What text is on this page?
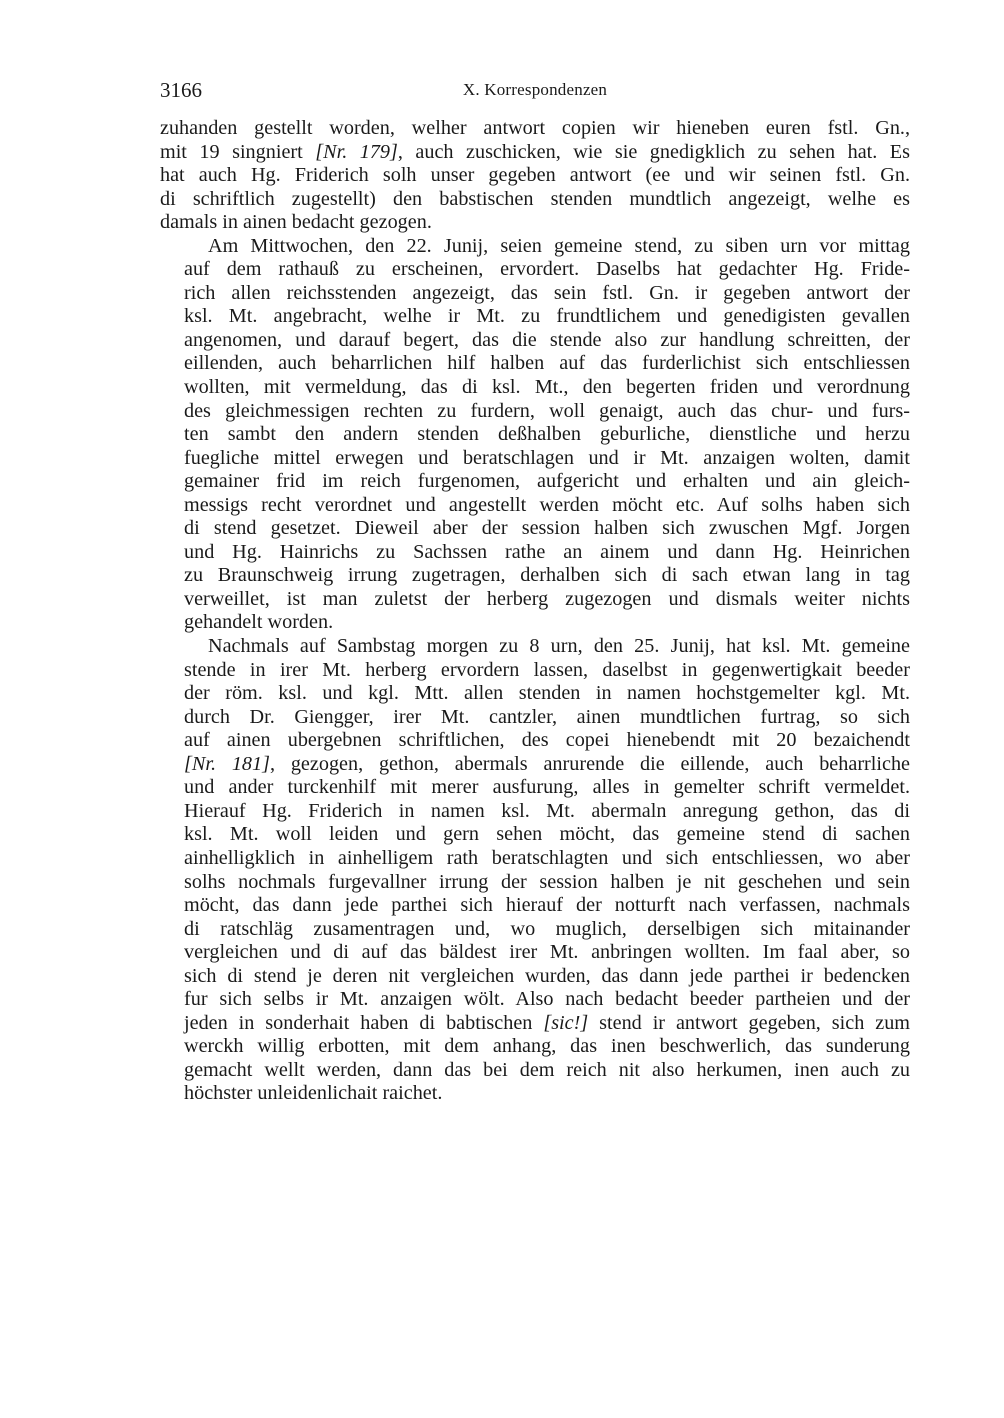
3166	X. Korrespondenzen
zuhanden gestellt worden, welher antwort copien wir hieneben euren fstl. Gn.,
mit 19 singniert [Nr. 179], auch zuschicken, wie sie gnedigklich zu sehen hat. Es
hat auch Hg. Friderich solh unser gegeben antwort (ee und wir seinen fstl. Gn.
di schriftlich zugestellt) den babstischen stenden mundtlich angezeigt, welhe es
damals in ainen bedacht gezogen.
Am Mittwochen, den 22. Junij, seien gemeine stend, zu siben urn vor mittag
auf dem rathauß zu erscheinen, ervordert. Daselbs hat gedachter Hg. Fride-
rich allen reichsstenden angezeigt, das sein fstl. Gn. ir gegeben antwort der
ksl. Mt. angebracht, welhe ir Mt. zu frundtlichem und genedigisten gevallen
angenomen, und darauf begert, das die stende also zur handlung schreitten, der
eillenden, auch beharrlichen hilf halben auf das furderlichist sich entschliessen
wollten, mit vermeldung, das di ksl. Mt., den begerten friden und verordnung
des gleichmessigen rechten zu furdern, woll genaigt, auch das chur- und furs-
ten sambt den andern stenden deßhalben geburliche, dienstliche und herzu
fuegliche mittel erwegen und beratschlagen und ir Mt. anzaigen wolten, damit
gemainer frid im reich furgenomen, aufgericht und erhalten und ain gleich-
messigs recht verordnet und angestellt werden möcht etc. Auf solhs haben sich
di stend gesetzet. Dieweil aber der session halben sich zwuschen Mgf. Jorgen
und Hg. Hainrichs zu Sachssen rathe an ainem und dann Hg. Heinrichen
zu Braunschweig irrung zugetragen, derhalben sich di sach etwan lang in tag
verweillet, ist man zuletst der herberg zugezogen und dismals weiter nichts
gehandelt worden.
Nachmals auf Sambstag morgen zu 8 urn, den 25. Junij, hat ksl. Mt. gemeine
stende in irer Mt. herberg ervordern lassen, daselbst in gegenwertigkait beeder
der röm. ksl. und kgl. Mtt. allen stenden in namen hochstgemelter kgl. Mt.
durch Dr. Giengger, irer Mt. cantzler, ainen mundtlichen furtrag, so sich
auf ainen ubergebnen schriftlichen, des copei hienebendt mit 20 bezaichendt
[Nr. 181], gezogen, gethon, abermals anrurende die eillende, auch beharrliche
und ander turckenhilf mit merer ausfurung, alles in gemelter schrift vermeldet.
Hierauf Hg. Friderich in namen ksl. Mt. abermaln anregung gethon, das di
ksl. Mt. woll leiden und gern sehen möcht, das gemeine stend di sachen
ainhelligklich in ainhelligem rath beratschlagten und sich entschliessen, wo aber
solhs nochmals furgevallner irrung der session halben je nit geschehen und sein
möcht, das dann jede parthei sich hierauf der notturft nach verfassen, nachmals
di ratschläg zusamentragen und, wo muglich, derselbigen sich mitainander
vergleichen und di auf das bäldest irer Mt. anbringen wollten. Im faal aber, so
sich di stend je deren nit vergleichen wurden, das dann jede parthei ir bedencken
fur sich selbs ir Mt. anzaigen wölt. Also nach bedacht beeder partheien und der
jeden in sonderhait haben di babtischen [sic!] stend ir antwort gegeben, sich zum
werckh willig erbotten, mit dem anhang, das inen beschwerlich, das sunderung
gemacht wellt werden, dann das bei dem reich nit also herkumen, inen auch zu
höchster unleidenlichait raichet.
